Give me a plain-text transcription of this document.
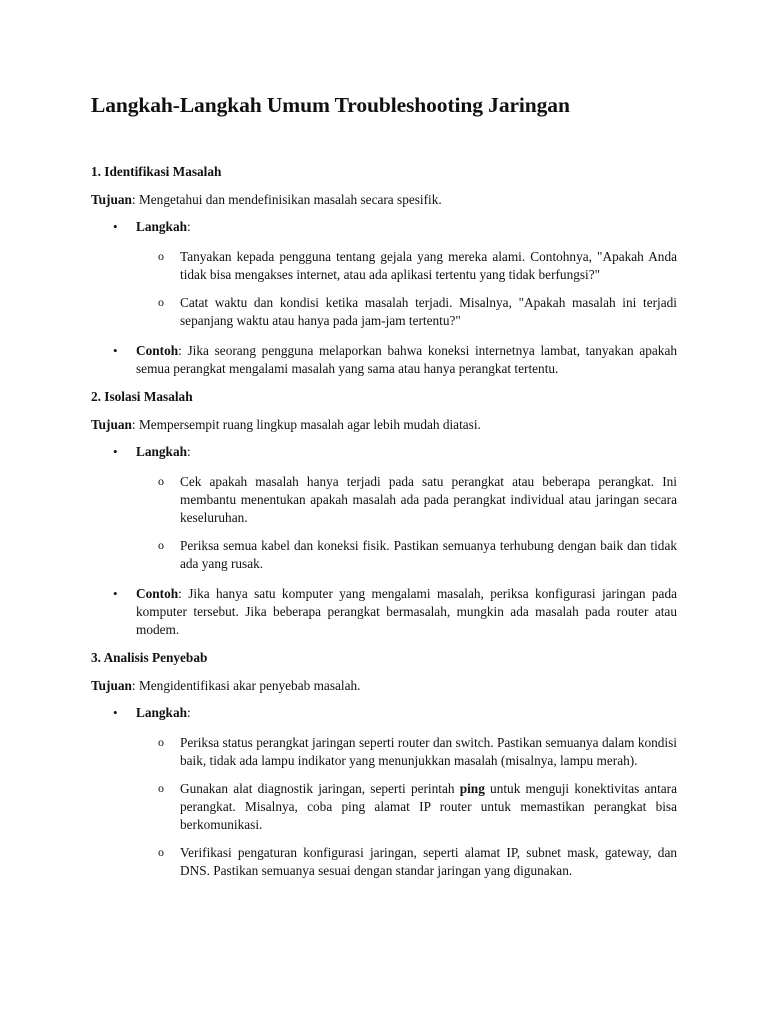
Langkah-Langkah Umum Troubleshooting Jaringan
1. Identifikasi Masalah

Tujuan: Mengetahui dan mendefinisikan masalah secara spesifik.

• Langkah:
o Tanyakan kepada pengguna tentang gejala yang mereka alami. Contohnya, "Apakah Anda tidak bisa mengakses internet, atau ada aplikasi tertentu yang tidak berfungsi?"
o Catat waktu dan kondisi ketika masalah terjadi. Misalnya, "Apakah masalah ini terjadi sepanjang waktu atau hanya pada jam-jam tertentu?"
• Contoh: Jika seorang pengguna melaporkan bahwa koneksi internetnya lambat, tanyakan apakah semua perangkat mengalami masalah yang sama atau hanya perangkat tertentu.
2. Isolasi Masalah

Tujuan: Mempersempit ruang lingkup masalah agar lebih mudah diatasi.

• Langkah:
o Cek apakah masalah hanya terjadi pada satu perangkat atau beberapa perangkat. Ini membantu menentukan apakah masalah ada pada perangkat individual atau jaringan secara keseluruhan.
o Periksa semua kabel dan koneksi fisik. Pastikan semuanya terhubung dengan baik dan tidak ada yang rusak.
• Contoh: Jika hanya satu komputer yang mengalami masalah, periksa konfigurasi jaringan pada komputer tersebut. Jika beberapa perangkat bermasalah, mungkin ada masalah pada router atau modem.
3. Analisis Penyebab

Tujuan: Mengidentifikasi akar penyebab masalah.

• Langkah:
o Periksa status perangkat jaringan seperti router dan switch. Pastikan semuanya dalam kondisi baik, tidak ada lampu indikator yang menunjukkan masalah (misalnya, lampu merah).
o Gunakan alat diagnostik jaringan, seperti perintah ping untuk menguji konektivitas antara perangkat. Misalnya, coba ping alamat IP router untuk memastikan perangkat bisa berkomunikasi.
o Verifikasi pengaturan konfigurasi jaringan, seperti alamat IP, subnet mask, gateway, dan DNS. Pastikan semuanya sesuai dengan standar jaringan yang digunakan.
